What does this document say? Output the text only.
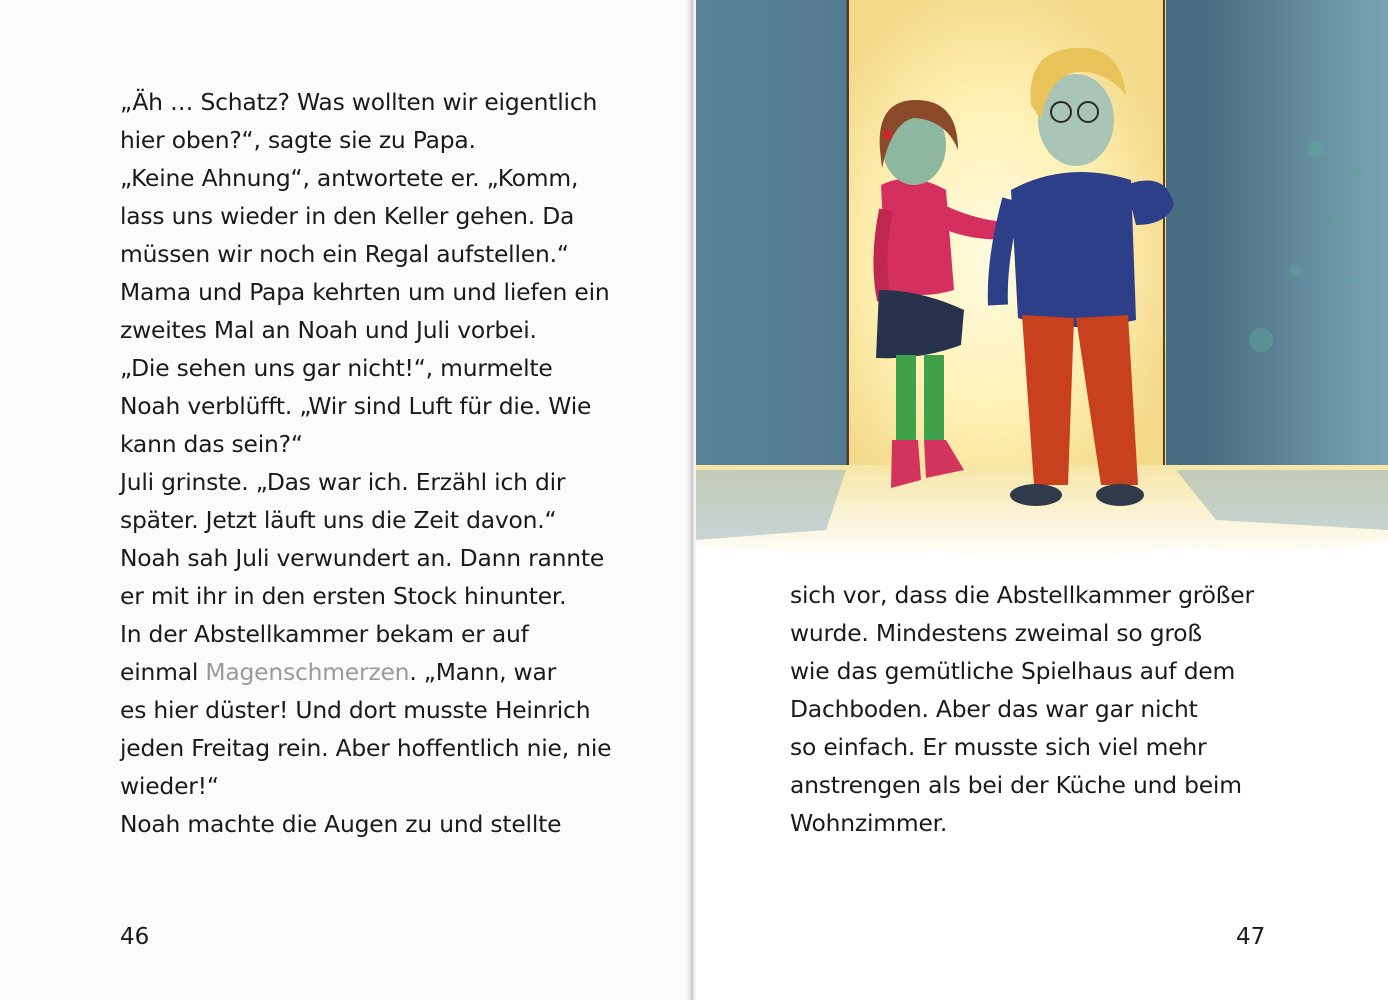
„Äh … Schatz? Was wollten wir eigentlich
hier oben?“, sagte sie zu Papa.
„Keine Ahnung“, antwortete er. „Komm,
lass uns wieder in den Keller gehen. Da
müssen wir noch ein Regal aufstellen.“
Mama und Papa kehrten um und liefen ein
zweites Mal an Noah und Juli vorbei.
„Die sehen uns gar nicht!“, murmelte
Noah verblüfft. „Wir sind Luft für die. Wie
kann das sein?“
Juli grinste. „Das war ich. Erzähl ich dir
später. Jetzt läuft uns die Zeit davon.“
Noah sah Juli verwundert an. Dann rannte
er mit ihr in den ersten Stock hinunter.
In der Abstellkammer bekam er auf
einmal Magenschmerzen. „Mann, war
es hier düster! Und dort musste Heinrich
jeden Freitag rein. Aber hoffentlich nie, nie
wieder!“
Noah machte die Augen zu und stellte
46	47
sich vor, dass die Abstellkammer größer
wurde. Mindestens zweimal so groß
wie das gemütliche Spielhaus auf dem
Dachboden. Aber das war gar nicht
so einfach. Er musste sich viel mehr
anstrengen als bei der Küche und beim
Wohnzimmer.
